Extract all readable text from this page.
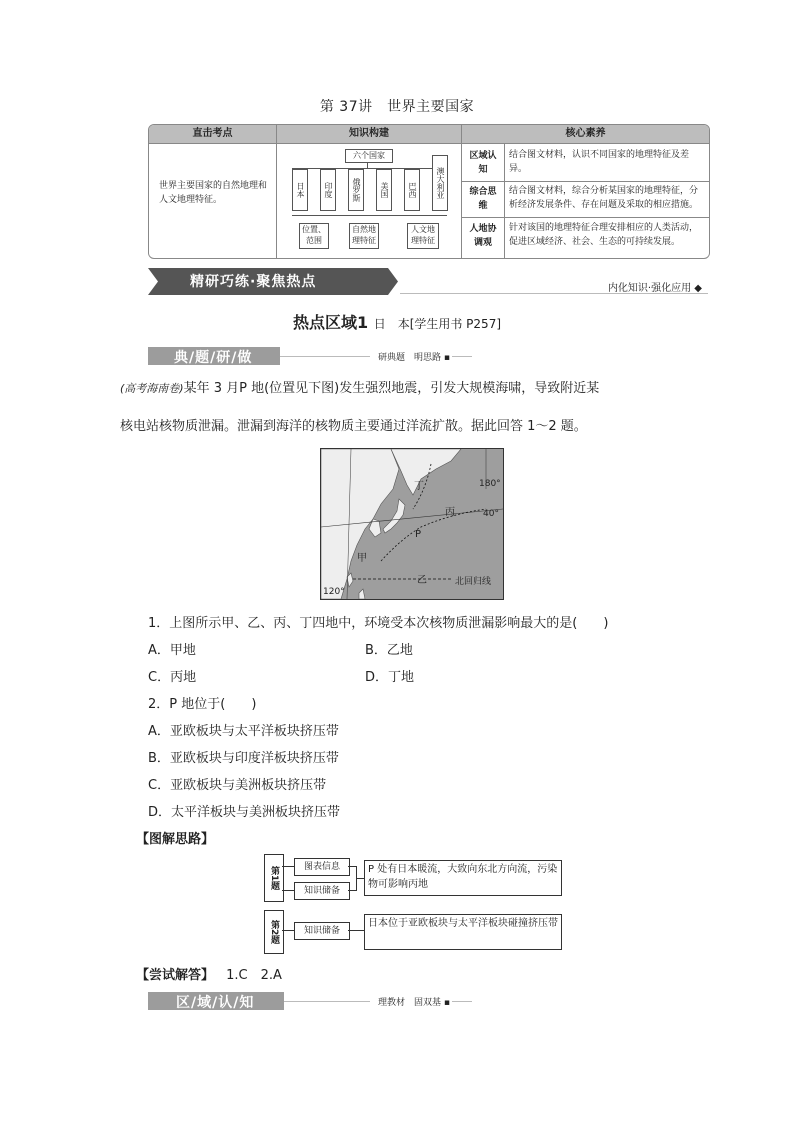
第 37讲　世界主要国家
直击考点	知识构建	核心素养
世界主要国家的自然地理和人文地理特征。
六个国家
日本	印度	俄罗斯	美国	巴西	澳大利亚
位置、范围
自然地理特征
人文地理特征
区域认知
结合图文材料，认识不同国家的地理特征及差异。
综合思维
结合图文材料，综合分析某国家的地理特征，分析经济发展条件、存在问题及采取的相应措施。
人地协调观
针对该国的地理特征合理安排相应的人类活动，促进区域经济、社会、生态的可持续发展。
精研巧练·聚焦热点	内化知识·强化应用 ◆
热点区域1 日　本[学生用书 P257]
典/题/研/做	研典题　明思路 ▪
(高考海南卷)某年 3 月P 地(位置见下图)发生强烈地震，引发大规模海啸，导致附近某
核电站核物质泄漏。泄漏到海洋的核物质主要通过洋流扩散。据此回答 1～2 题。
丁	180°
丙	40°
P
甲
乙	北回归线
120°
1．上图所示甲、乙、丙、丁四地中，环境受本次核物质泄漏影响最大的是(　　)
A．甲地	B．乙地
C．丙地	D．丁地
2．P 地位于(　　)
A．亚欧板块与太平洋板块挤压带
B．亚欧板块与印度洋板块挤压带
C．亚欧板块与美洲板块挤压带
D．太平洋板块与美洲板块挤压带
【图解思路】
第1题	图表信息
知识储备
P 处有日本暖流，大致向东北方向流，污染物可影响丙地
第2题	知识储备
日本位于亚欧板块与太平洋板块碰撞挤压带
【尝试解答】 1.C　2.A
区/域/认/知	理教材　固双基 ▪
